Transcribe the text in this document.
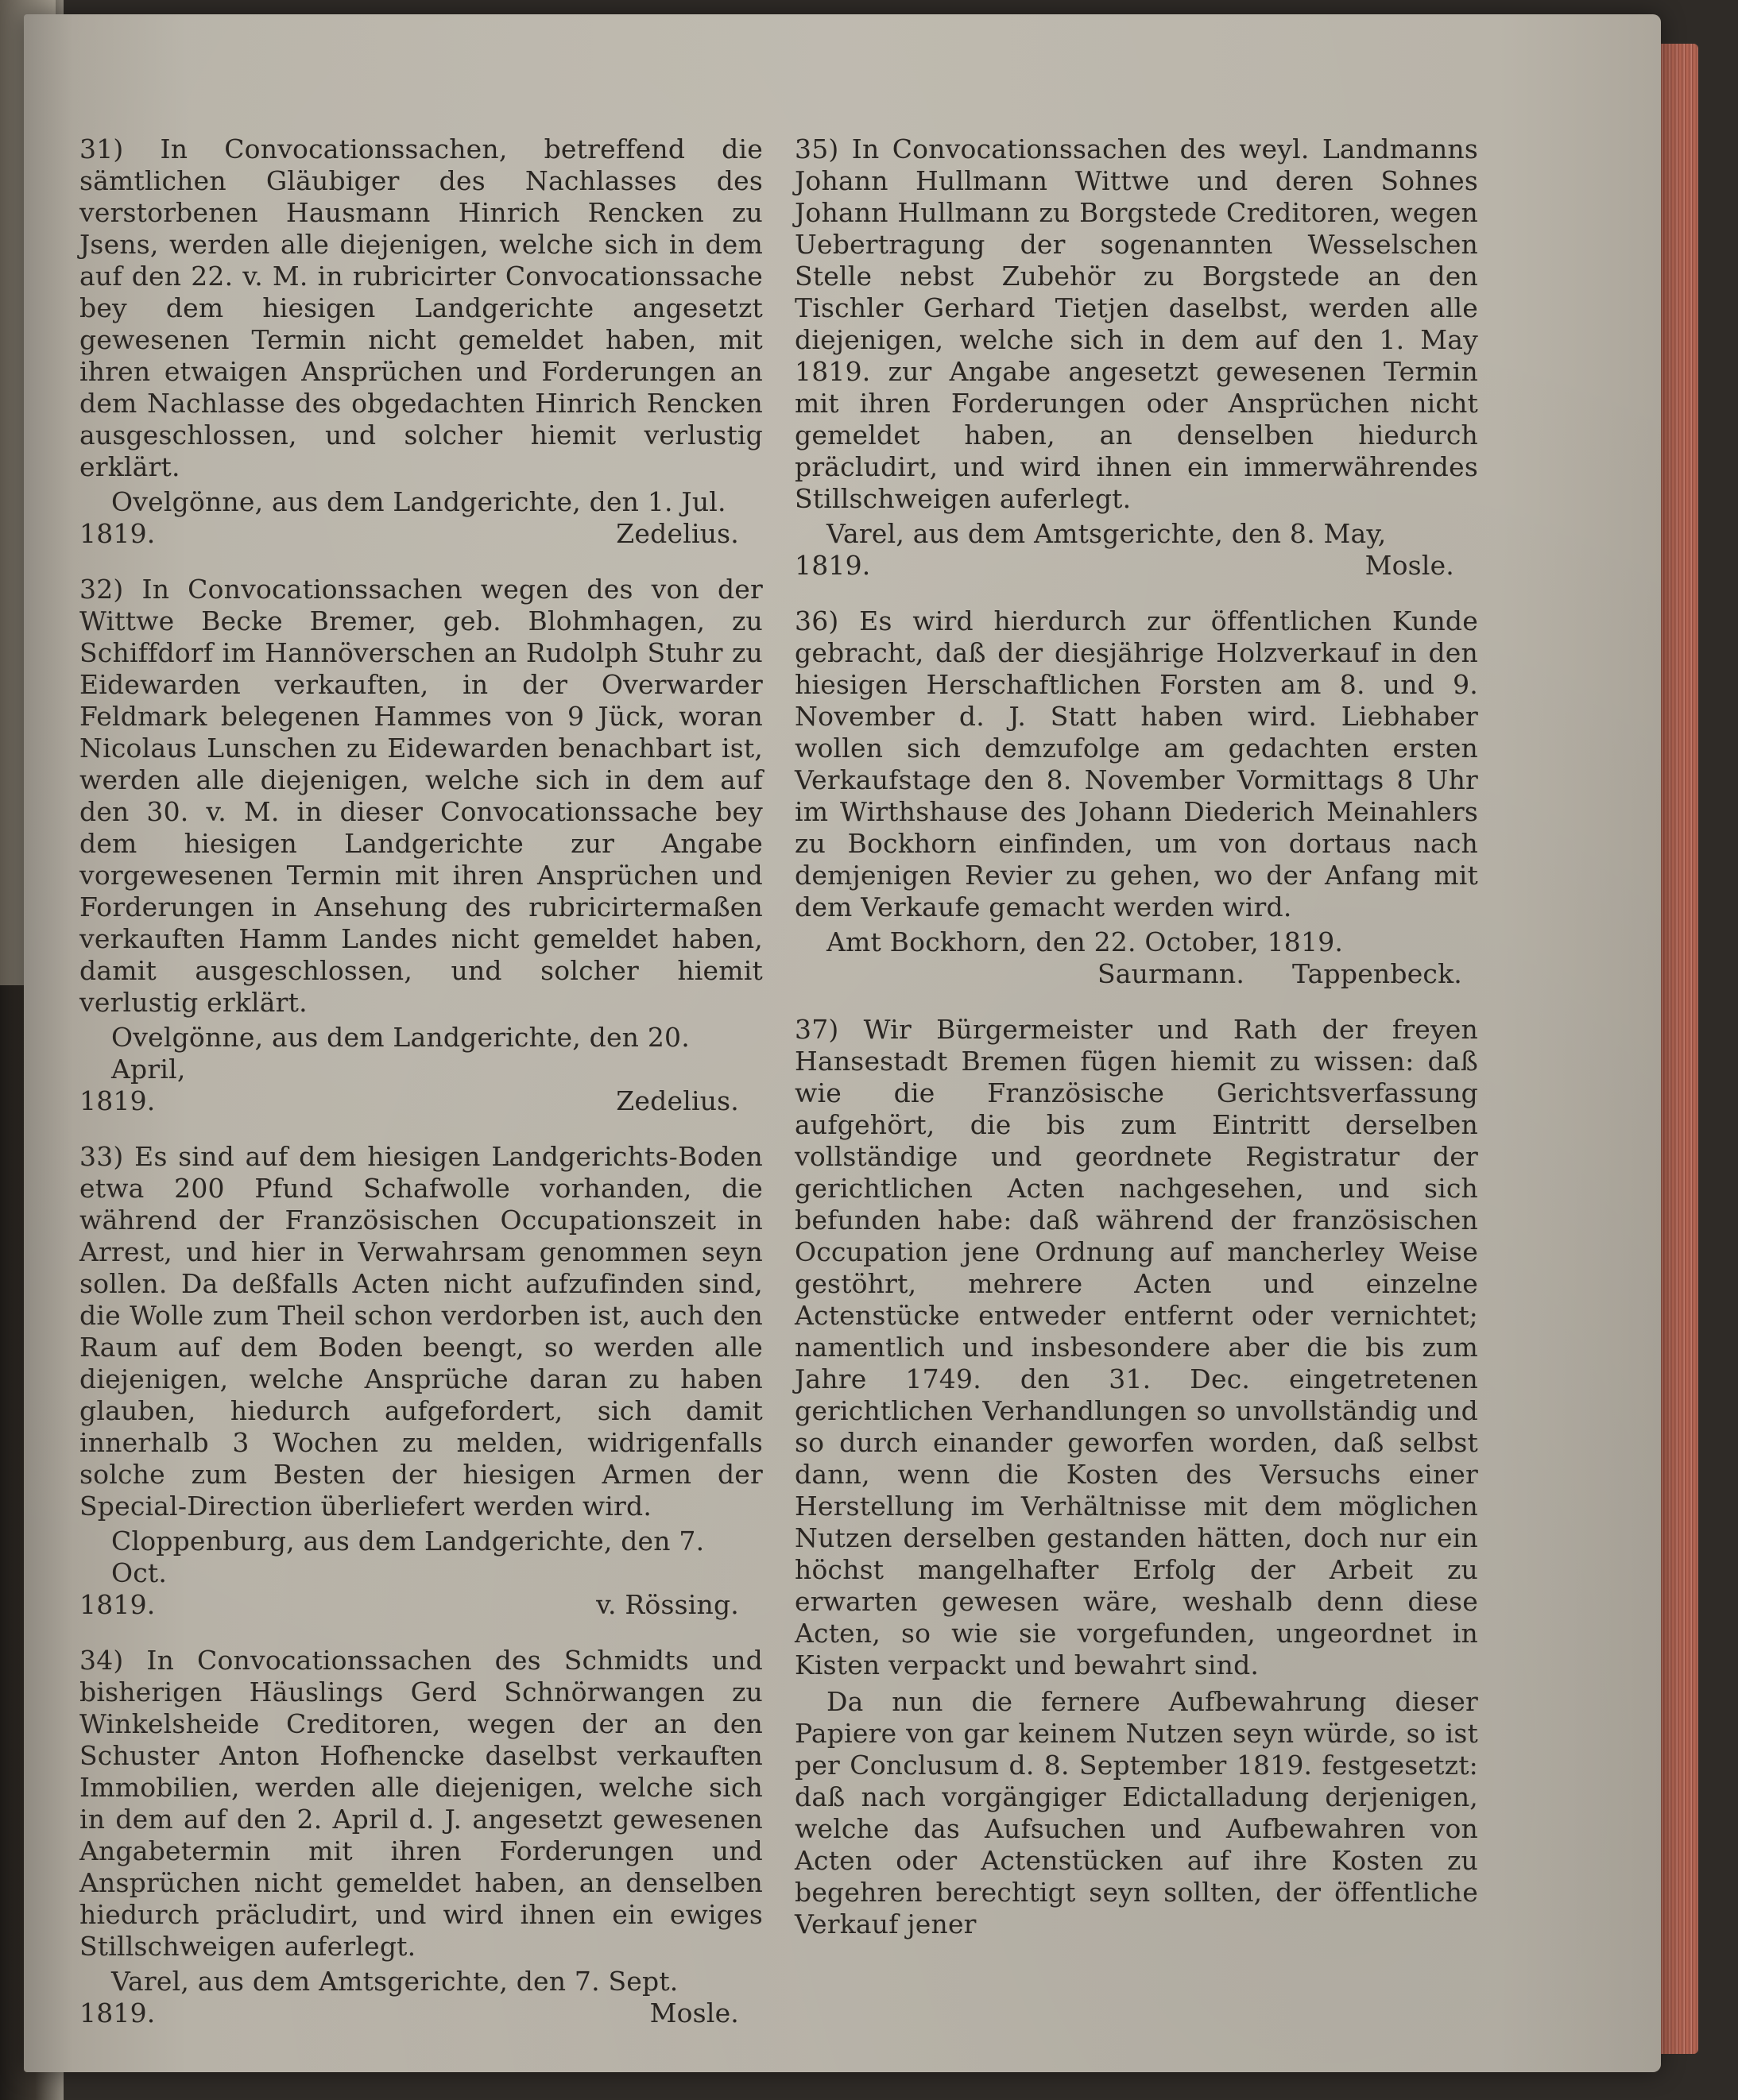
31) In Convocationssachen, betreffend die sämtlichen Gläubiger des Nachlasses des verstorbenen Hausmann Hinrich Rencken zu Jsens, werden alle diejenigen, welche sich in dem auf den 22. v. M. in rubricirter Convocationssache bey dem hiesigen Landgerichte angesetzt gewesenen Termin nicht gemeldet haben, mit ihren etwaigen Ansprüchen und Forderungen an dem Nachlasse des obgedachten Hinrich Rencken ausgeschlossen, und solcher hiemit verlustig erklärt.

Ovelgönne, aus dem Landgerichte, den 1. Jul.

1819.	Zedelius.

32) In Convocationssachen wegen des von der Wittwe Becke Bremer, geb. Blohmhagen, zu Schiffdorf im Hannöverschen an Rudolph Stuhr zu Eidewarden verkauften, in der Overwarder Feldmark belegenen Hammes von 9 Jück, woran Nicolaus Lunschen zu Eidewarden benachbart ist, werden alle diejenigen, welche sich in dem auf den 30. v. M. in dieser Convocationssache bey dem hiesigen Landgerichte zur Angabe vorgewesenen Termin mit ihren Ansprüchen und Forderungen in Ansehung des rubricirtermaßen verkauften Hamm Landes nicht gemeldet haben, damit ausgeschlossen, und solcher hiemit verlustig erklärt.

Ovelgönne, aus dem Landgerichte, den 20. April,

1819.	Zedelius.

33) Es sind auf dem hiesigen Landgerichts-Boden etwa 200 Pfund Schafwolle vorhanden, die während der Französischen Occupationszeit in Arrest, und hier in Verwahrsam genommen seyn sollen. Da deßfalls Acten nicht aufzufinden sind, die Wolle zum Theil schon verdorben ist, auch den Raum auf dem Boden beengt, so werden alle diejenigen, welche Ansprüche daran zu haben glauben, hiedurch aufgefordert, sich damit innerhalb 3 Wochen zu melden, widrigenfalls solche zum Besten der hiesigen Armen der Special-Direction überliefert werden wird.

Cloppenburg, aus dem Landgerichte, den 7. Oct.

1819.	v. Rössing.

34) In Convocationssachen des Schmidts und bisherigen Häuslings Gerd Schnörwangen zu Winkelsheide Creditoren, wegen der an den Schuster Anton Hofhencke daselbst verkauften Immobilien, werden alle diejenigen, welche sich in dem auf den 2. April d. J. angesetzt gewesenen Angabetermin mit ihren Forderungen und Ansprüchen nicht gemeldet haben, an denselben hiedurch präcludirt, und wird ihnen ein ewiges Stillschweigen auferlegt.

Varel, aus dem Amtsgerichte, den 7. Sept.

1819.	Mosle.

35) In Convocationssachen des weyl. Landmanns Johann Hullmann Wittwe und deren Sohnes Johann Hullmann zu Borgstede Creditoren, wegen Uebertragung der sogenannten Wesselschen Stelle nebst Zubehör zu Borgstede an den Tischler Gerhard Tietjen daselbst, werden alle diejenigen, welche sich in dem auf den 1. May 1819. zur Angabe angesetzt gewesenen Termin mit ihren Forderungen oder Ansprüchen nicht gemeldet haben, an denselben hiedurch präcludirt, und wird ihnen ein immerwährendes Stillschweigen auferlegt.

Varel, aus dem Amtsgerichte, den 8. May,

1819.	Mosle.

36) Es wird hierdurch zur öffentlichen Kunde gebracht, daß der diesjährige Holzverkauf in den hiesigen Herschaftlichen Forsten am 8. und 9. November d. J. Statt haben wird. Liebhaber wollen sich demzufolge am gedachten ersten Verkaufstage den 8. November Vormittags 8 Uhr im Wirthshause des Johann Diederich Meinahlers zu Bockhorn einfinden, um von dortaus nach demjenigen Revier zu gehen, wo der Anfang mit dem Verkaufe gemacht werden wird.

Amt Bockhorn, den 22. October, 1819.

Saurmann. Tappenbeck.

37) Wir Bürgermeister und Rath der freyen Hansestadt Bremen fügen hiemit zu wissen: daß wie die Französische Gerichtsverfassung aufgehört, die bis zum Eintritt derselben vollständige und geordnete Registratur der gerichtlichen Acten nachgesehen, und sich befunden habe: daß während der französischen Occupation jene Ordnung auf mancherley Weise gestöhrt, mehrere Acten und einzelne Actenstücke entweder entfernt oder vernichtet; namentlich und insbesondere aber die bis zum Jahre 1749. den 31. Dec. eingetretenen gerichtlichen Verhandlungen so unvollständig und so durch einander geworfen worden, daß selbst dann, wenn die Kosten des Versuchs einer Herstellung im Verhältnisse mit dem möglichen Nutzen derselben gestanden hätten, doch nur ein höchst mangelhafter Erfolg der Arbeit zu erwarten gewesen wäre, weshalb denn diese Acten, so wie sie vorgefunden, ungeordnet in Kisten verpackt und bewahrt sind.

Da nun die fernere Aufbewahrung dieser Papiere von gar keinem Nutzen seyn würde, so ist per Conclusum d. 8. September 1819. festgesetzt: daß nach vorgängiger Edictalladung derjenigen, welche das Aufsuchen und Aufbewahren von Acten oder Actenstücken auf ihre Kosten zu begehren berechtigt seyn sollten, der öffentliche Verkauf jener
